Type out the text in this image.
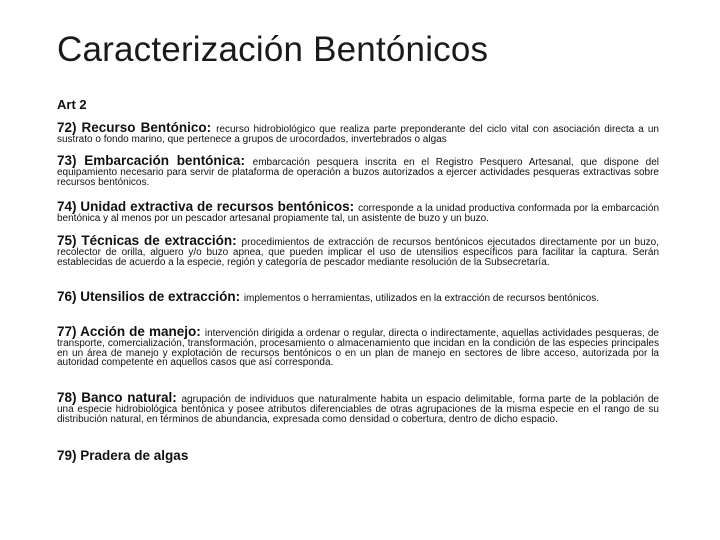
Caracterización Bentónicos
Art 2
72) Recurso Bentónico: recurso hidrobiológico que realiza parte preponderante del ciclo vital con asociación directa a un sustrato o fondo marino, que pertenece a grupos de urocordados, invertebrados o algas
73) Embarcación bentónica: embarcación pesquera inscrita en el Registro Pesquero Artesanal, que dispone del equipamiento necesario para servir de plataforma de operación a buzos autorizados a ejercer actividades pesqueras extractivas sobre recursos bentónicos.
74) Unidad extractiva de recursos bentónicos: corresponde a la unidad productiva conformada por la embarcación bentónica y al menos por un pescador artesanal propiamente tal, un asistente de buzo y un buzo.
75) Técnicas de extracción: procedimientos de extracción de recursos bentónicos ejecutados directamente por un buzo, recolector de orilla, alguero y/o buzo apnea, que pueden implicar el uso de utensilios específicos para facilitar la captura. Serán establecidas de acuerdo a la especie, región y categoría de pescador mediante resolución de la Subsecretaría.
76) Utensilios de extracción: implementos o herramientas, utilizados en la extracción de recursos bentónicos.
77) Acción de manejo: intervención dirigida a ordenar o regular, directa o indirectamente, aquellas actividades pesqueras, de transporte, comercialización, transformación, procesamiento o almacenamiento que incidan en la condición de las especies principales en un área de manejo y explotación de recursos bentónicos o en un plan de manejo en sectores de libre acceso, autorizada por la autoridad competente en aquellos casos que así corresponda.
78) Banco natural: agrupación de individuos que naturalmente habita un espacio delimitable, forma parte de la población de una especie hidrobiológica bentónica y posee atributos diferenciables de otras agrupaciones de la misma especie en el rango de su distribución natural, en términos de abundancia, expresada como densidad o cobertura, dentro de dicho espacio.
79) Pradera de algas
